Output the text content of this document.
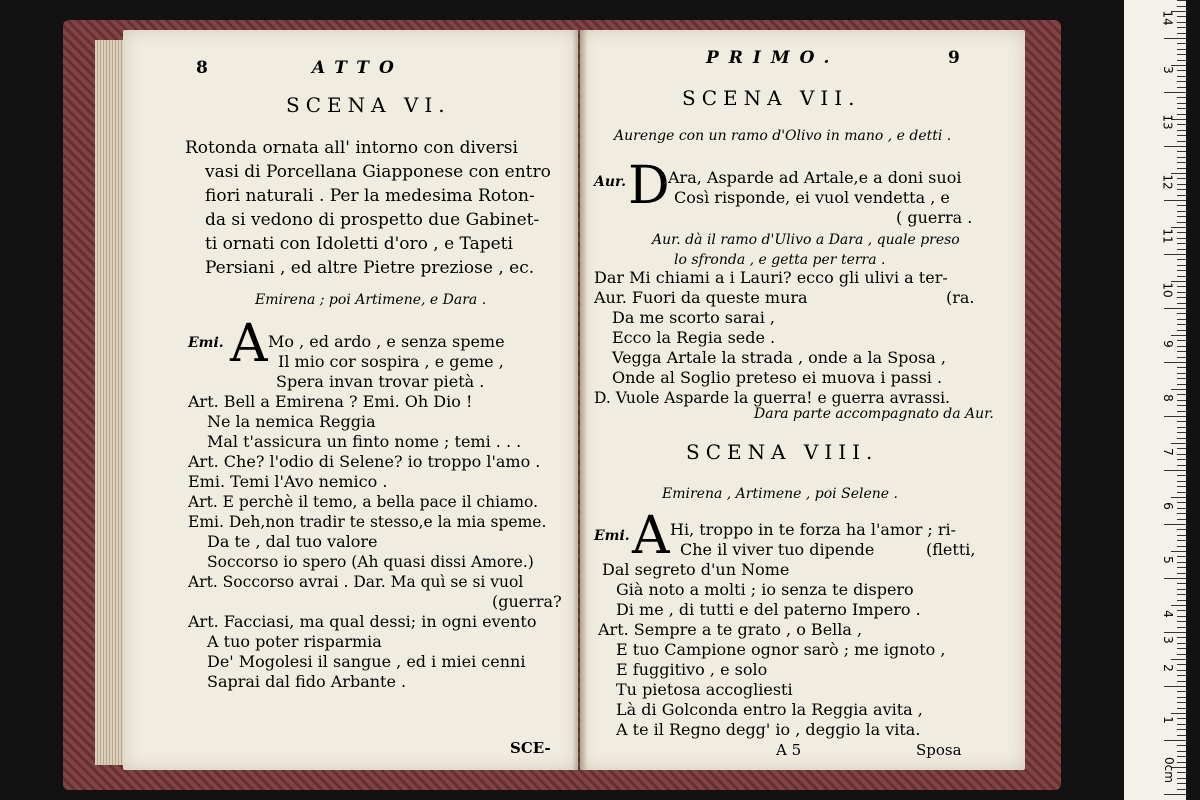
8	ATTO
SCENA VI.
Rotonda ornata all' intorno con diversi
vasi di Porcellana Giapponese con entro
fiori naturali . Per la medesima Roton-
da si vedono di prospetto due Gabinet-
ti ornati con Idoletti d'oro , e Tapeti
Persiani , ed altre Pietre preziose , ec.
Emirena ; poi Artimene, e Dara .
Emi. A Mo , ed ardo , e senza speme
Il mio cor sospira , e geme ,
Spera invan trovar pietà .
Art. Bell a Emirena ? Emi. Oh Dio !
Ne la nemica Reggia
Mal t'assicura un finto nome ; temi . . .
Art. Che? l'odio di Selene? io troppo l'amo .
Emi. Temi l'Avo nemico .
Art. E perchè il temo, a bella pace il chiamo.
Emi. Deh,non tradir te stesso,e la mia speme.
Da te , dal tuo valore
Soccorso io spero (Ah quasi dissi Amore.)
Art. Soccorso avrai . Dar. Ma quì se si vuol
(guerra?
Art. Facciasi, ma qual dessi; in ogni evento
A tuo poter risparmia
De' Mogolesi il sangue , ed i miei cenni
Saprai dal fido Arbante .
SCE-
PRIMO.	9
SCENA VII.
Aurenge con un ramo d'Olivo in mano , e detti .
Aur. D
Ara, Asparde ad Artale,e a doni suoi
Così risponde, ei vuol vendetta , e
( guerra .
Aur. dà il ramo d'Ulivo a Dara , quale preso
lo sfronda , e getta per terra .
Dar Mi chiami a i Lauri? ecco gli ulivi a ter-
Aur. Fuori da queste mura	(ra.
Da me scorto sarai ,
Ecco la Regia sede .
Vegga Artale la strada , onde a la Sposa ,
Onde al Soglio preteso ei muova i passi .
D. Vuole Asparde la guerra! e guerra avrassi.
Dara parte accompagnato da Aur.
SCENA VIII.
Emirena , Artimene , poi Selene .
Emi. A Hi, troppo in te forza ha l'amor ; ri-
Che il viver tuo dipende	(fletti,
Dal segreto d'un Nome
Già noto a molti ; io senza te dispero
Di me , di tutti e del paterno Impero .
Art. Sempre a te grato , o Bella ,
E tuo Campione ognor sarò ; me ignoto ,
E fuggitivo , e solo
Tu pietosa accogliesti
Là di Golconda entro la Reggia avita ,
A te il Regno degg' io , deggio la vita.
A 5	Sposa
14
3
13
12
11
10
9
8
7
6
5
4
3
2
1
0cm
